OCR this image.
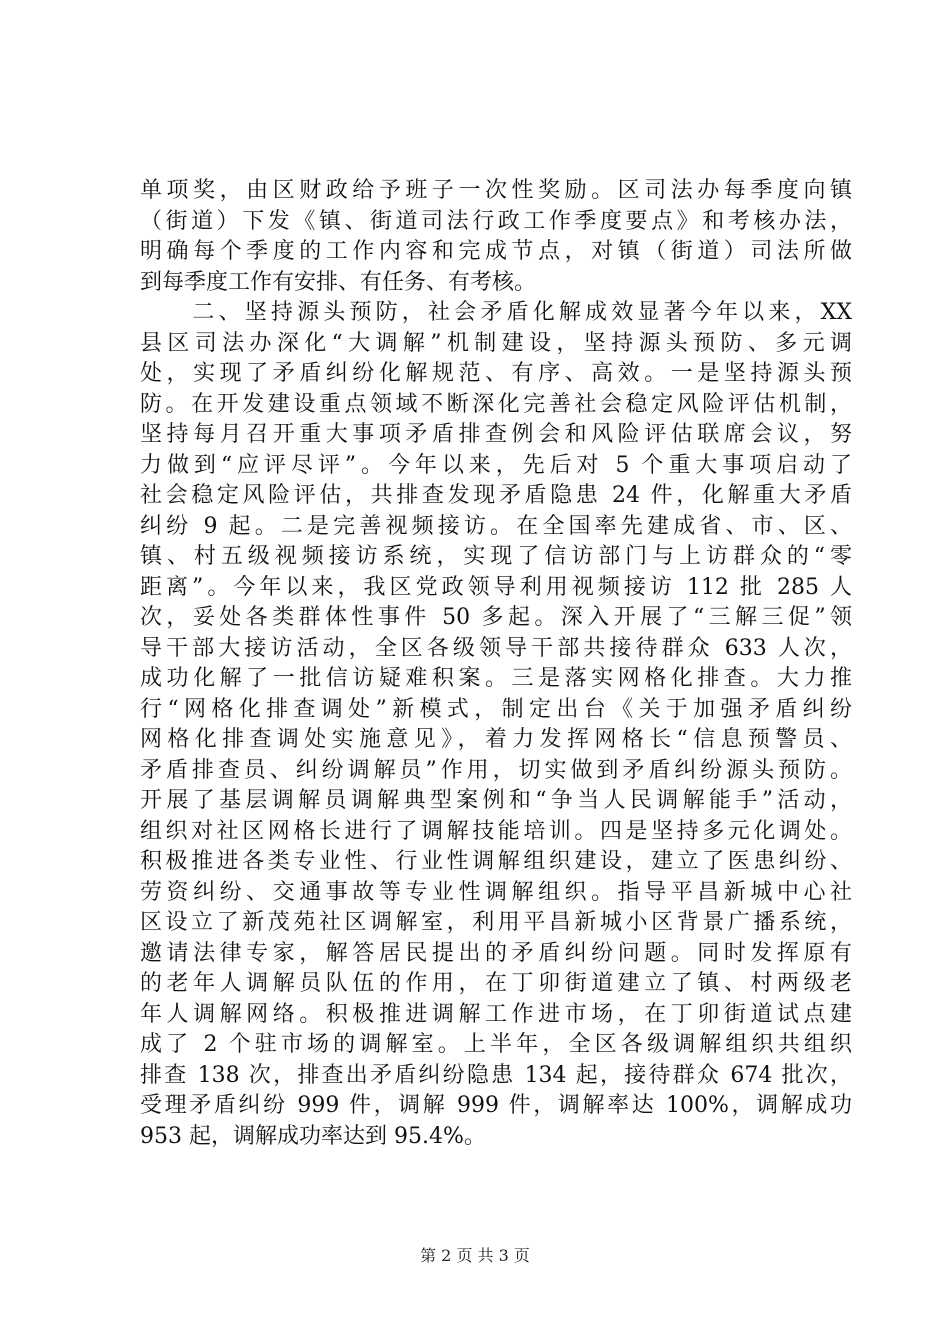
单项奖，由区财政给予班子一次性奖励。区司法办每季度向镇
（街道）下发《镇、街道司法行政工作季度要点》和考核办法，
明确每个季度的工作内容和完成节点，对镇（街道）司法所做
到每季度工作有安排、有任务、有考核。
　　二、坚持源头预防，社会矛盾化解成效显著今年以来，XX
县区司法办深化“大调解”机制建设，坚持源头预防、多元调
处，实现了矛盾纠纷化解规范、有序、高效。一是坚持源头预
防。在开发建设重点领域不断深化完善社会稳定风险评估机制，
坚持每月召开重大事项矛盾排查例会和风险评估联席会议，努
力做到“应评尽评”。今年以来，先后对 5 个重大事项启动了
社会稳定风险评估，共排查发现矛盾隐患 24 件，化解重大矛盾
纠纷 9 起。二是完善视频接访。在全国率先建成省、市、区、
镇、村五级视频接访系统，实现了信访部门与上访群众的“零
距离”。今年以来，我区党政领导利用视频接访 112 批 285 人
次，妥处各类群体性事件 50 多起。深入开展了“三解三促”领
导干部大接访活动，全区各级领导干部共接待群众 633 人次，
成功化解了一批信访疑难积案。三是落实网格化排查。大力推
行“网格化排查调处”新模式，制定出台《关于加强矛盾纠纷
网格化排查调处实施意见》，着力发挥网格长“信息预警员、
矛盾排查员、纠纷调解员”作用，切实做到矛盾纠纷源头预防。
开展了基层调解员调解典型案例和“争当人民调解能手”活动，
组织对社区网格长进行了调解技能培训。四是坚持多元化调处。
积极推进各类专业性、行业性调解组织建设，建立了医患纠纷、
劳资纠纷、交通事故等专业性调解组织。指导平昌新城中心社
区设立了新茂苑社区调解室，利用平昌新城小区背景广播系统，
邀请法律专家，解答居民提出的矛盾纠纷问题。同时发挥原有
的老年人调解员队伍的作用，在丁卯街道建立了镇、村两级老
年人调解网络。积极推进调解工作进市场，在丁卯街道试点建
成了 2 个驻市场的调解室。上半年，全区各级调解组织共组织
排查 138 次，排查出矛盾纠纷隐患 134 起，接待群众 674 批次，
受理矛盾纠纷 999 件，调解 999 件，调解率达 100%，调解成功
953 起，调解成功率达到 95.4%。
第 2 页 共 3 页
